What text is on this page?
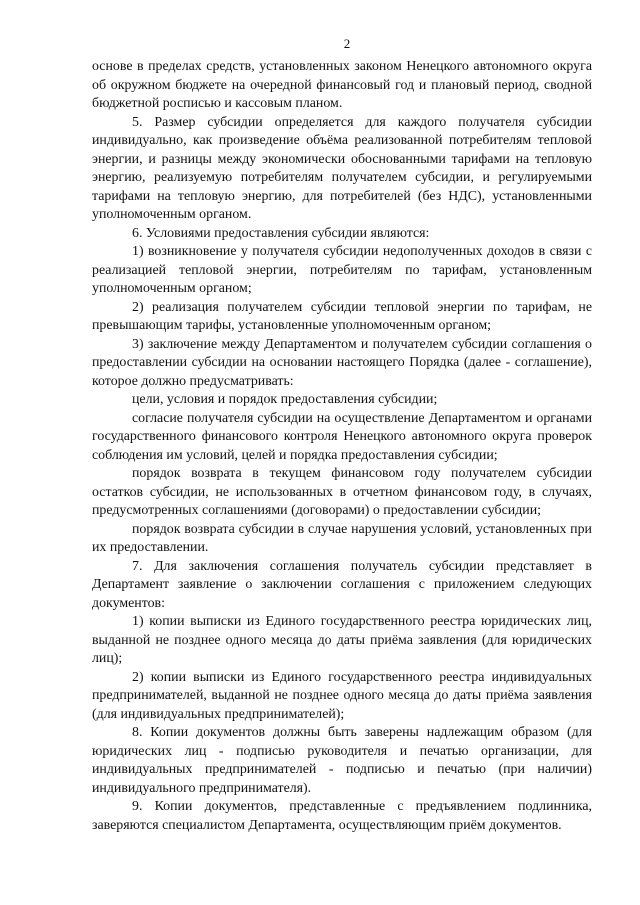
2

основе в пределах средств, установленных законом Ненецкого автономного округа об окружном бюджете на очередной финансовый год и плановый период, сводной бюджетной росписью и кассовым планом.

5. Размер субсидии определяется для каждого получателя субсидии индивидуально, как произведение объёма реализованной потребителям тепловой энергии, и разницы между экономически обоснованными тарифами на тепловую энергию, реализуемую потребителям получателем субсидии, и регулируемыми тарифами на тепловую энергию, для потребителей (без НДС), установленными уполномоченным органом.

6. Условиями предоставления субсидии являются:

1) возникновение у получателя субсидии недополученных доходов в связи с реализацией тепловой энергии, потребителям по тарифам, установленным уполномоченным органом;

2) реализация получателем субсидии тепловой энергии по тарифам, не превышающим тарифы, установленные уполномоченным органом;

3) заключение между Департаментом и получателем субсидии соглашения о предоставлении субсидии на основании настоящего Порядка (далее - соглашение), которое должно предусматривать:

цели, условия и порядок предоставления субсидии;

согласие получателя субсидии на осуществление Департаментом и органами государственного финансового контроля Ненецкого автономного округа проверок соблюдения им условий, целей и порядка предоставления субсидии;

порядок возврата в текущем финансовом году получателем субсидии остатков субсидии, не использованных в отчетном финансовом году, в случаях, предусмотренных соглашениями (договорами) о предоставлении субсидии;

порядок возврата субсидии в случае нарушения условий, установленных при их предоставлении.

7. Для заключения соглашения получатель субсидии представляет в Департамент заявление о заключении соглашения с приложением следующих документов:

1) копии выписки из Единого государственного реестра юридических лиц, выданной не позднее одного месяца до даты приёма заявления (для юридических лиц);

2) копии выписки из Единого государственного реестра индивидуальных предпринимателей, выданной не позднее одного месяца до даты приёма заявления (для индивидуальных предпринимателей);

8. Копии документов должны быть заверены надлежащим образом (для юридических лиц - подписью руководителя и печатью организации, для индивидуальных предпринимателей - подписью и печатью (при наличии) индивидуального предпринимателя).

9. Копии документов, представленные с предъявлением подлинника, заверяются специалистом Департамента, осуществляющим приём документов.
